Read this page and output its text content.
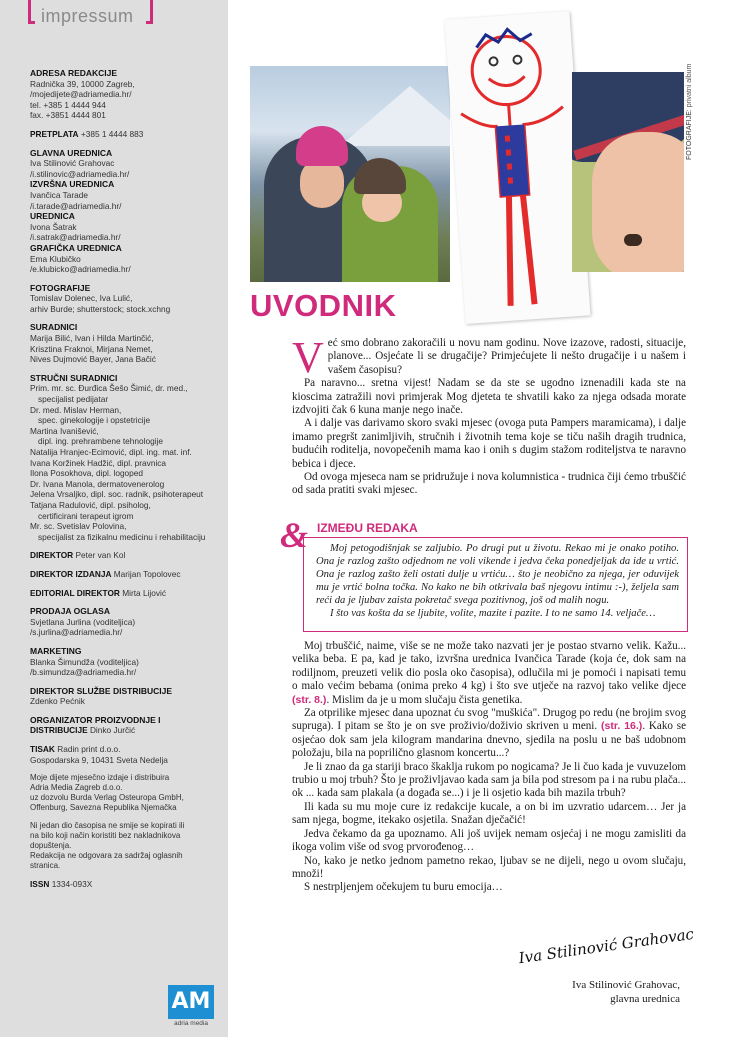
impressum
ADRESA REDAKCIJE
Radnička 39, 10000 Zagreb,
/mojedijete@adriamedia.hr/
tel. +385 1 4444 944
fax. +3851 4444 801
PRETPLATA +385 1 4444 883
GLAVNA UREDNICA
Iva Stilinović Grahovac
/i.stilinovic@adriamedia.hr/
IZVRŠNA UREDNICA
Ivančica Tarade
/i.tarade@adriamedia.hr/
UREDNICA
Ivona Šatrak
/i.satrak@adriamedia.hr/
GRAFIČKA UREDNICA
Ema Klubičko
/e.klubicko@adriamedia.hr/
FOTOGRAFIJE
Tomislav Dolenec, Iva Lulić,
arhiv Burde; shutterstock; stock.xchng
SURADNICI
Marija Bilić, Ivan i Hilda Martinčić,
Krisztina Fraknoi, Mirjana Nemet,
Nives Dujmović Bayer, Jana Bačić
STRUČNI SURADNICI
Prim. mr. sc. Đurđica Šešo Šimić, dr. med.,
specijalist pedijatar
Dr. med. Mislav Herman,
spec. ginekologije i opstetricije
Martina Ivanišević,
dipl. ing. prehrambene tehnologije
Natalija Hranjec-Ecimović, dipl. ing. mat. inf.
Ivana Koržinek Hadžić, dipl. pravnica
Ilona Posokhova, dipl. logoped
Dr. Ivana Manola, dermatovenerolog
Jelena Vrsaljko, dipl. soc. radnik, psihoterapeut
Tatjana Radulović, dipl. psiholog,
certificirani terapeut igrom
Mr. sc. Svetislav Polovina,
specijalist za fizikalnu medicinu i rehabilitaciju
DIREKTOR Peter van Kol
DIREKTOR IZDANJA Marijan Topolovec
EDITORIAL DIREKTOR Mirta Lijović
PRODAJA OGLASA
Svjetlana Jurlina (voditeljica)
/s.jurlina@adriamedia.hr/
MARKETING
Blanka Šimundža (voditeljica)
/b.simundza@adriamedia.hr/
DIREKTOR SLUŽBE DISTRIBUCIJE
Zdenko Pećnik
ORGANIZATOR PROIZVODNJE I
DISTRIBUCIJE Dinko Jurčić
TISAK Radin print d.o.o.
Gospodarska 9, 10431 Sveta Nedelja
Moje dijete mjesečno izdaje i distribuira
Adria Media Zagreb d.o.o.
uz dozvolu Burda Verlag Osteuropa GmbH,
Offenburg, Savezna Republika Njemačka
Ni jedan dio časopisa ne smije se kopirati ili
na bilo koji način koristiti bez nakladnikova
dopuštenja.
Redakcija ne odgovara za sadržaj oglasnih
stranica.
ISSN 1334-093X
AM
adria media
FOTOGRAFIJE: privatni album
UVODNIK

Već smo dobrano zakoračili u novu nam godinu. Nove izazove, radosti, situacije, planove... Osjećate li se drugačije? Primjećujete li nešto drugačije i u našem i vašem časopisu?

Pa naravno... sretna vijest! Nadam se da ste se ugodno iznenadili kada ste na kioscima zatražili novi primjerak Mog djeteta te shvatili kako za njega odsada morate izdvojiti čak 6 kuna manje nego inače.

A i dalje vas darivamo skoro svaki mjesec (ovoga puta Pampers maramicama), i dalje imamo pregršt zanimljivih, stručnih i životnih tema koje se tiču naših dragih trudnica, budućih roditelja, novopečenih mama kao i onih s dugim stažom roditeljstva te naravno bebica i djece.

Od ovoga mjeseca nam se pridružuje i nova kolumnistica - trudnica čiji ćemo trbuščić od sada pratiti svaki mjesec.

& IZMEĐU REDAKA

Moj petogodišnjak se zaljubio. Po drugi put u životu. Rekao mi je onako potiho. Ona je razlog zašto odjednom ne voli vikende i jedva čeka ponedjeljak da ide u vrtić. Ona je razlog zašto želi ostati dulje u vrtiću… što je neobično za njega, jer oduvijek mu je vrtić bolna točka. No kako ne bih otkrivala baš njegovu intimu :-), željela sam reći da je ljubav zaista pokretač svega pozitivnog, još od malih nogu.

I što vas košta da se ljubite, volite, mazite i pazite. I to ne samo 14. veljače…

Moj trbuščić, naime, više se ne može tako nazvati jer je postao stvarno velik. Kažu... velika beba. E pa, kad je tako, izvršna urednica Ivančica Tarade (koja će, dok sam na rodiljnom, preuzeti velik dio posla oko časopisa), odlučila mi je pomoći i napisati temu o malo većim bebama (onima preko 4 kg) i što sve utječe na razvoj tako velike djece (str. 8.). Mislim da je u mom slučaju čista genetika.

Za otprilike mjesec dana upoznat ću svog "muškića". Drugog po redu (ne brojim svog supruga). I pitam se što je on sve proživio/doživio skriven u meni. (str. 16.). Kako se osjećao dok sam jela kilogram mandarina dnevno, sjedila na poslu u ne baš udobnom položaju, bila na poprilično glasnom koncertu...?

Je li znao da ga stariji braco škaklja rukom po nogicama? Je li čuo kada je vuvuzelom trubio u moj trbuh? Što je proživljavao kada sam ja bila pod stresom pa i na rubu plača... ok ... kada sam plakala (a događa se...) i je li osjetio kada bih mazila trbuh?

Ili kada su mu moje cure iz redakcije kucale, a on bi im uzvratio udarcem… Jer ja sam njega, bogme, itekako osjetila. Snažan dječačić!

Jedva čekamo da ga upoznamo. Ali još uvijek nemam osjećaj i ne mogu zamisliti da ikoga volim više od svog prvorođenog…

No, kako je netko jednom pametno rekao, ljubav se ne dijeli, nego u ovom slučaju, množi!

S nestrpljenjem očekujem tu buru emocija…

Iva Stilinović Grahovac
Iva Stilinović Grahovac,
glavna urednica
